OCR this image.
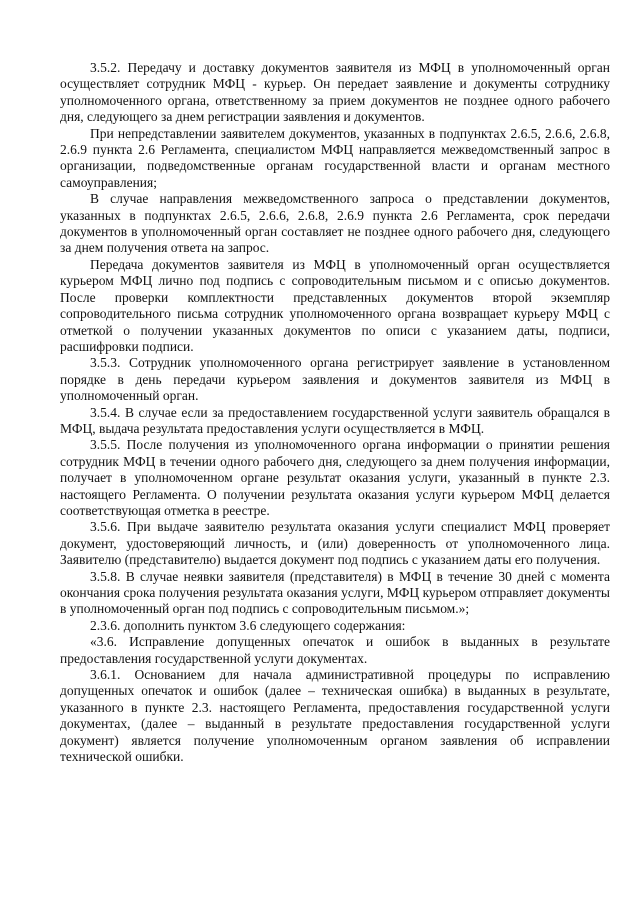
3.5.2. Передачу и доставку документов заявителя из МФЦ в уполномоченный орган осуществляет сотрудник МФЦ - курьер. Он передает заявление и документы сотруднику уполномоченного органа, ответственному за прием документов не позднее одного рабочего дня, следующего за днем регистрации заявления и документов.

При непредставлении заявителем документов, указанных в подпунктах 2.6.5, 2.6.6, 2.6.8, 2.6.9 пункта 2.6 Регламента, специалистом МФЦ направляется межведомственный запрос в организации, подведомственные органам государственной власти и органам местного самоуправления;

В случае направления межведомственного запроса о представлении документов, указанных в подпунктах 2.6.5, 2.6.6, 2.6.8, 2.6.9 пункта 2.6 Регламента, срок передачи документов в уполномоченный орган составляет не позднее одного рабочего дня, следующего за днем получения ответа на запрос.

Передача документов заявителя из МФЦ в уполномоченный орган осуществляется курьером МФЦ лично под подпись с сопроводительным письмом и с описью документов. После проверки комплектности представленных документов второй экземпляр сопроводительного письма сотрудник уполномоченного органа возвращает курьеру МФЦ с отметкой о получении указанных документов по описи с указанием даты, подписи, расшифровки подписи.

3.5.3. Сотрудник уполномоченного органа регистрирует заявление в установленном порядке в день передачи курьером заявления и документов заявителя из МФЦ в уполномоченный орган.

3.5.4. В случае если за предоставлением государственной услуги заявитель обращался в МФЦ, выдача результата предоставления услуги осуществляется в МФЦ.

3.5.5. После получения из уполномоченного органа информации о принятии решения сотрудник МФЦ в течении одного рабочего дня, следующего за днем получения информации, получает в уполномоченном органе результат оказания услуги, указанный в пункте 2.3. настоящего Регламента. О получении результата оказания услуги курьером МФЦ делается соответствующая отметка в реестре.

3.5.6. При выдаче заявителю результата оказания услуги специалист МФЦ проверяет документ, удостоверяющий личность, и (или) доверенность от уполномоченного лица. Заявителю (представителю) выдается документ под подпись с указанием даты его получения.

3.5.8. В случае неявки заявителя (представителя) в МФЦ в течение 30 дней с момента окончания срока получения результата оказания услуги, МФЦ курьером отправляет документы в уполномоченный орган под подпись с сопроводительным письмом.»;

2.3.6. дополнить пунктом 3.6 следующего содержания:

«3.6. Исправление допущенных опечаток и ошибок в выданных в результате предоставления государственной услуги документах.

3.6.1. Основанием для начала административной процедуры по исправлению допущенных опечаток и ошибок (далее – техническая ошибка) в выданных в результате, указанного в пункте 2.3. настоящего Регламента, предоставления государственной услуги документах, (далее – выданный в результате предоставления государственной услуги документ) является получение уполномоченным органом заявления об исправлении технической ошибки.
